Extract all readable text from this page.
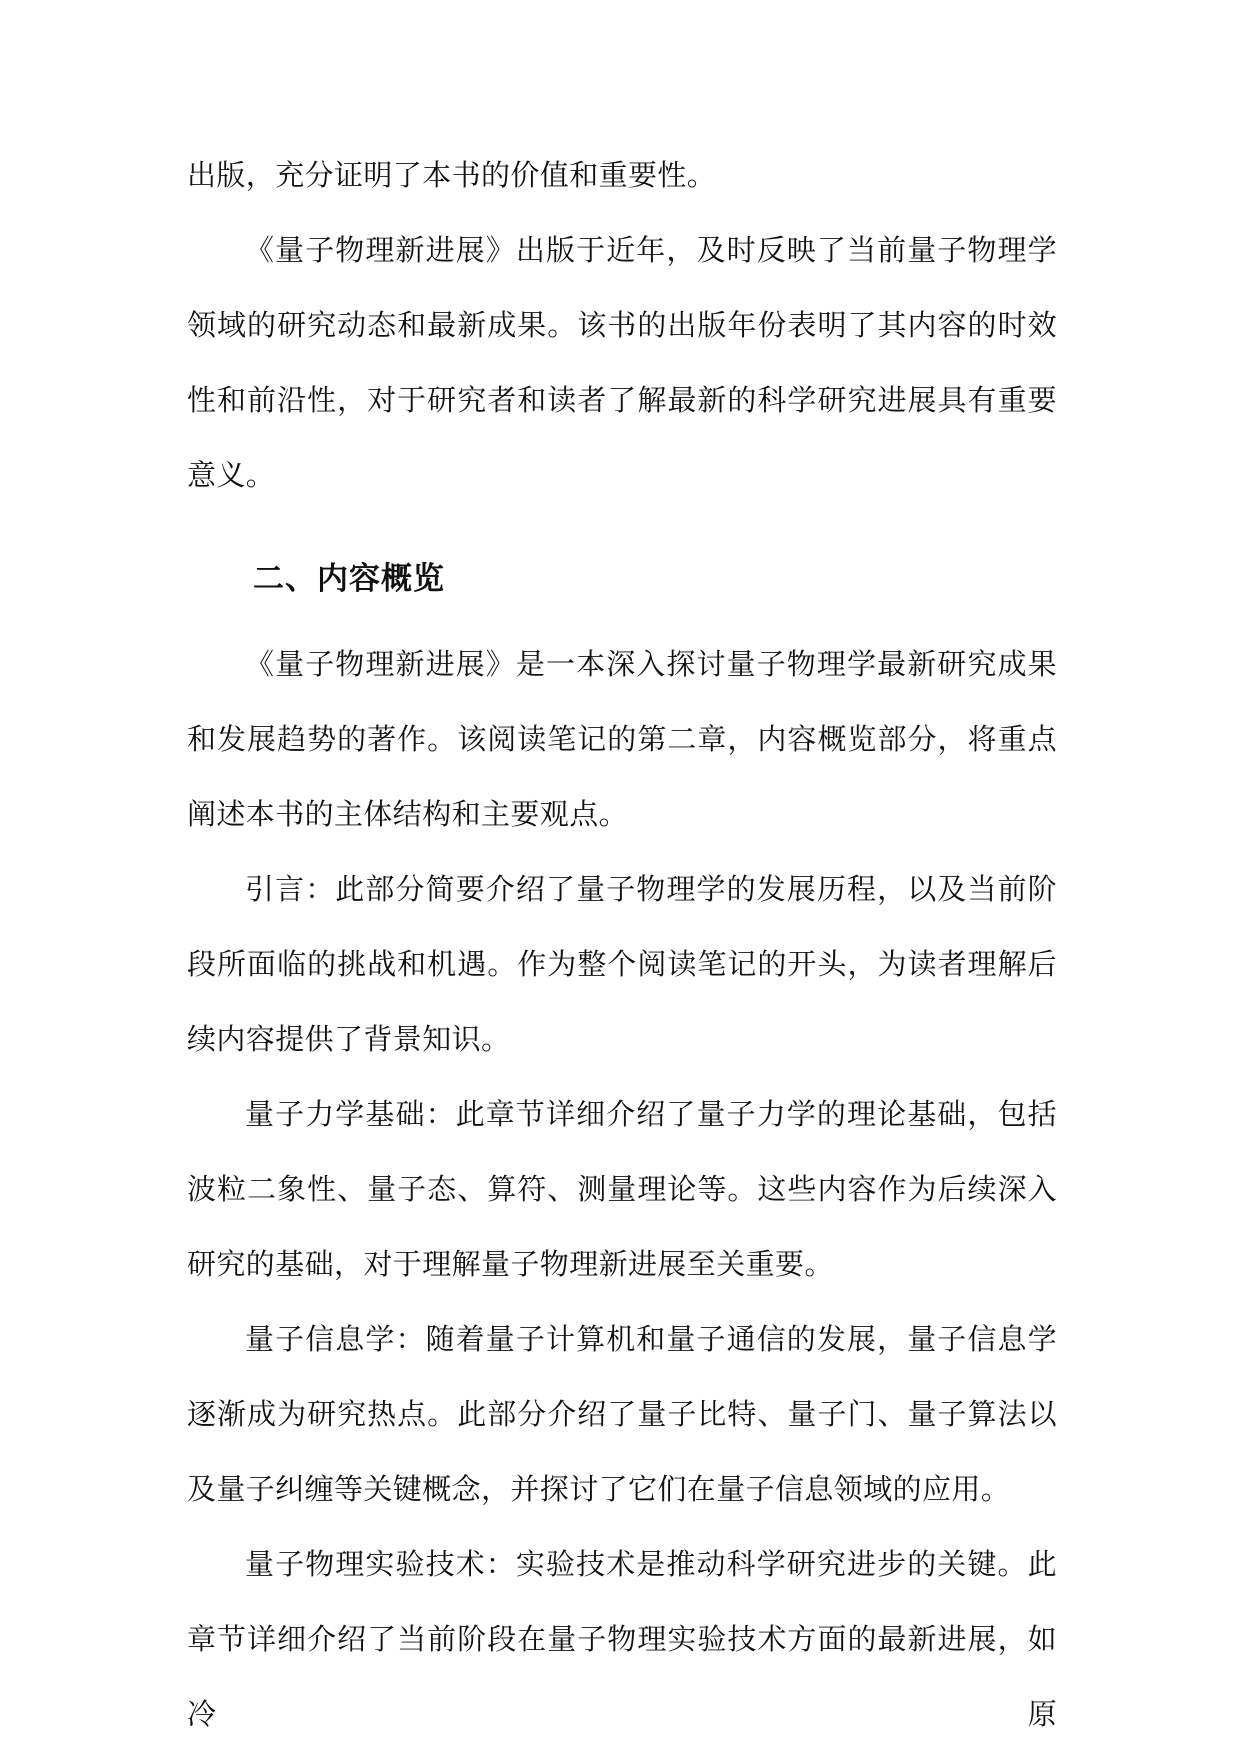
出版，充分证明了本书的价值和重要性。

《量子物理新进展》出版于近年，及时反映了当前量子物理学领域的研究动态和最新成果。该书的出版年份表明了其内容的时效性和前沿性，对于研究者和读者了解最新的科学研究进展具有重要意义。

二、内容概览

《量子物理新进展》是一本深入探讨量子物理学最新研究成果和发展趋势的著作。该阅读笔记的第二章，内容概览部分，将重点阐述本书的主体结构和主要观点。

引言：此部分简要介绍了量子物理学的发展历程，以及当前阶段所面临的挑战和机遇。作为整个阅读笔记的开头，为读者理解后续内容提供了背景知识。

量子力学基础：此章节详细介绍了量子力学的理论基础，包括波粒二象性、量子态、算符、测量理论等。这些内容作为后续深入研究的基础，对于理解量子物理新进展至关重要。

量子信息学：随着量子计算机和量子通信的发展，量子信息学逐渐成为研究热点。此部分介绍了量子比特、量子门、量子算法以及量子纠缠等关键概念，并探讨了它们在量子信息领域的应用。

量子物理实验技术：实验技术是推动科学研究进步的关键。此章节详细介绍了当前阶段在量子物理实验技术方面的最新进展，如冷原
